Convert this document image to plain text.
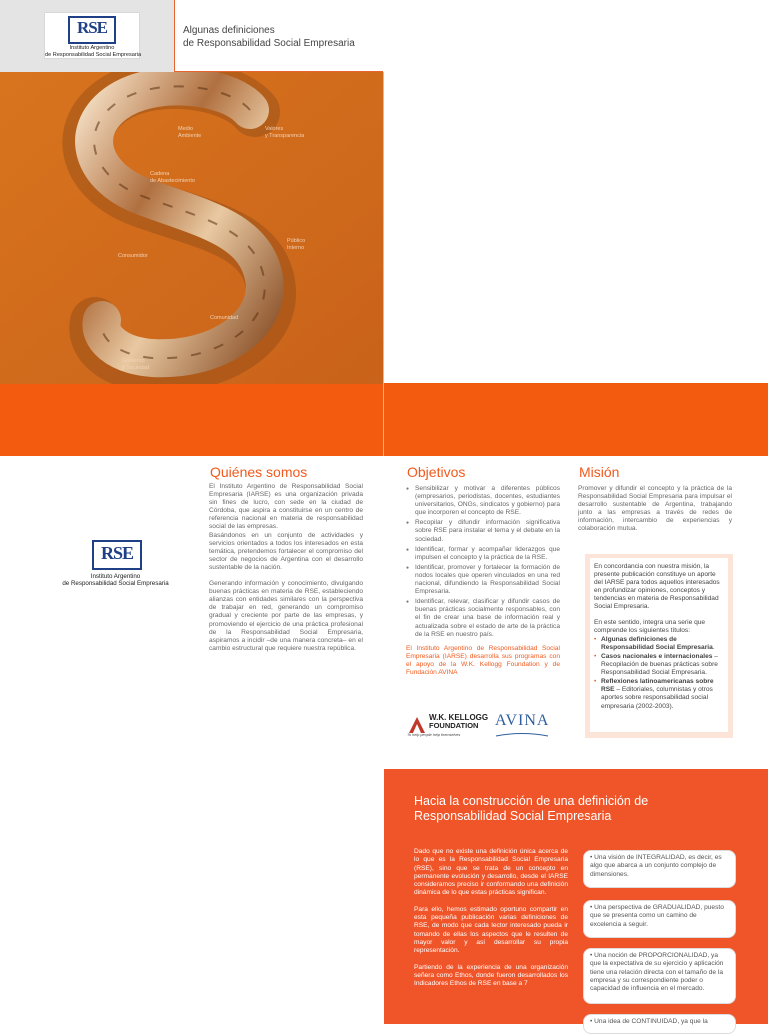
RSE
Instituto Argentino
de Responsabilidad Social Empresaria
Algunas definiciones
de Responsabilidad Social Empresaria
Medio
Ambiente
Valores
y Transparencia
Cadena
de Abastecimiento
Público
Interno
Consumidor
Comunidad
Gobierno
y Sociedad
Quiénes somos
RSE
Instituto Argentino
de Responsabilidad Social Empresaria
El Instituto Argentino de Responsabilidad Social Empresaria (IARSE) es una organización privada sin fines de lucro, con sede en la ciudad de Córdoba, que aspira a constituirse en un centro de referencia nacional en materia de responsabilidad social de las empresas.

Basándonos en un conjunto de actividades y servicios orientados a todos los interesados en esta temática, pretendemos fortalecer el compromiso del sector de negocios de Argentina con el desarrollo sustentable de la nación.

Generando información y conocimiento, divulgando buenas prácticas en materia de RSE, estableciendo alianzas con entidades similares con la perspectiva de trabajar en red, generando un compromiso gradual y creciente por parte de las empresas, y promoviendo el ejercicio de una práctica profesional de la Responsabilidad Social Empresaria, aspiramos a incidir –de una manera concreta– en el cambio estructural que requiere nuestra república.

Objetivos
● Sensibilizar y motivar a diferentes públicos (empresarios, periodistas, docentes, estudiantes universitarios, ONGs, sindicatos y gobierno) para que incorporen el concepto de RSE.
● Recopilar y difundir información significativa sobre RSE para instalar el tema y el debate en la sociedad.
● Identificar, formar y acompañar liderazgos que impulsen el concepto y la práctica de la RSE.
● Identificar, promover y fortalecer la formación de nodos locales que operen vinculados en una red nacional, difundiendo la Responsabilidad Social Empresaria.
● Identificar, relevar, clasificar y difundir casos de buenas prácticas socialmente responsables, con el fin de crear una base de información real y actualizada sobre el estado de arte de la práctica de la RSE en nuestro país.
El Instituto Argentino de Responsabilidad Social Empresaria (IARSE) desarrolla sus programas con el apoyo de la W.K. Kellogg Foundation y de Fundación AVINA
W.K. KELLOGG
FOUNDATION
To help people help themselves
AVINA
Misión
Promover y difundir el concepto y la práctica de la Responsabilidad Social Empresaria para impulsar el desarrollo sustentable de Argentina, trabajando junto a las empresas a través de redes de información, intercambio de experiencias y colaboración mutua.

En concordancia con nuestra misión, la presente publicación constituye un aporte del IARSE para todos aquellos interesados en profundizar opiniones, conceptos y tendencias en materia de Responsabilidad Social Empresaria.

En este sentido, integra una serie que comprende los siguientes títulos:

• Algunas definiciones de Responsabilidad Social Empresaria.
• Casos nacionales e internacionales – Recopilación de buenas prácticas sobre Responsabilidad Social Empresaria.
• Reflexiones latinoamericanas sobre RSE – Editoriales, columnistas y otros aportes sobre responsabilidad social empresaria (2002-2003).
Hacia la construcción de una definición de
Responsabilidad Social Empresaria

Dado que no existe una definición única acerca de lo que es la Responsabilidad Social Empresaria (RSE), sino que se trata de un concepto en permanente evolución y desarrollo, desde el IARSE consideramos preciso ir conformando una definición dinámica de lo que estas prácticas significan.

Para ello, hemos estimado oportuno compartir en esta pequeña publicación varias definiciones de RSE, de modo que cada lector interesado pueda ir tomando de ellas los aspectos que le resulten de mayor valor y así desarrollar su propia representación.

Partiendo de la experiencia de una organización señera como Ethos, donde fueron desarrollados los Indicadores Ethos de RSE en base a 7

• Una visión de INTEGRALIDAD, es decir, es algo que abarca a un conjunto complejo de dimensiones.
• Una perspectiva de GRADUALIDAD, puesto que se presenta como un camino de excelencia a seguir.
• Una noción de PROPORCIONALIDAD, ya que la expectativa de su ejercicio y aplicación tiene una relación directa con el tamaño de la empresa y su correspondiente poder o capacidad de influencia en el mercado.
• Una idea de CONTINUIDAD, ya que la
